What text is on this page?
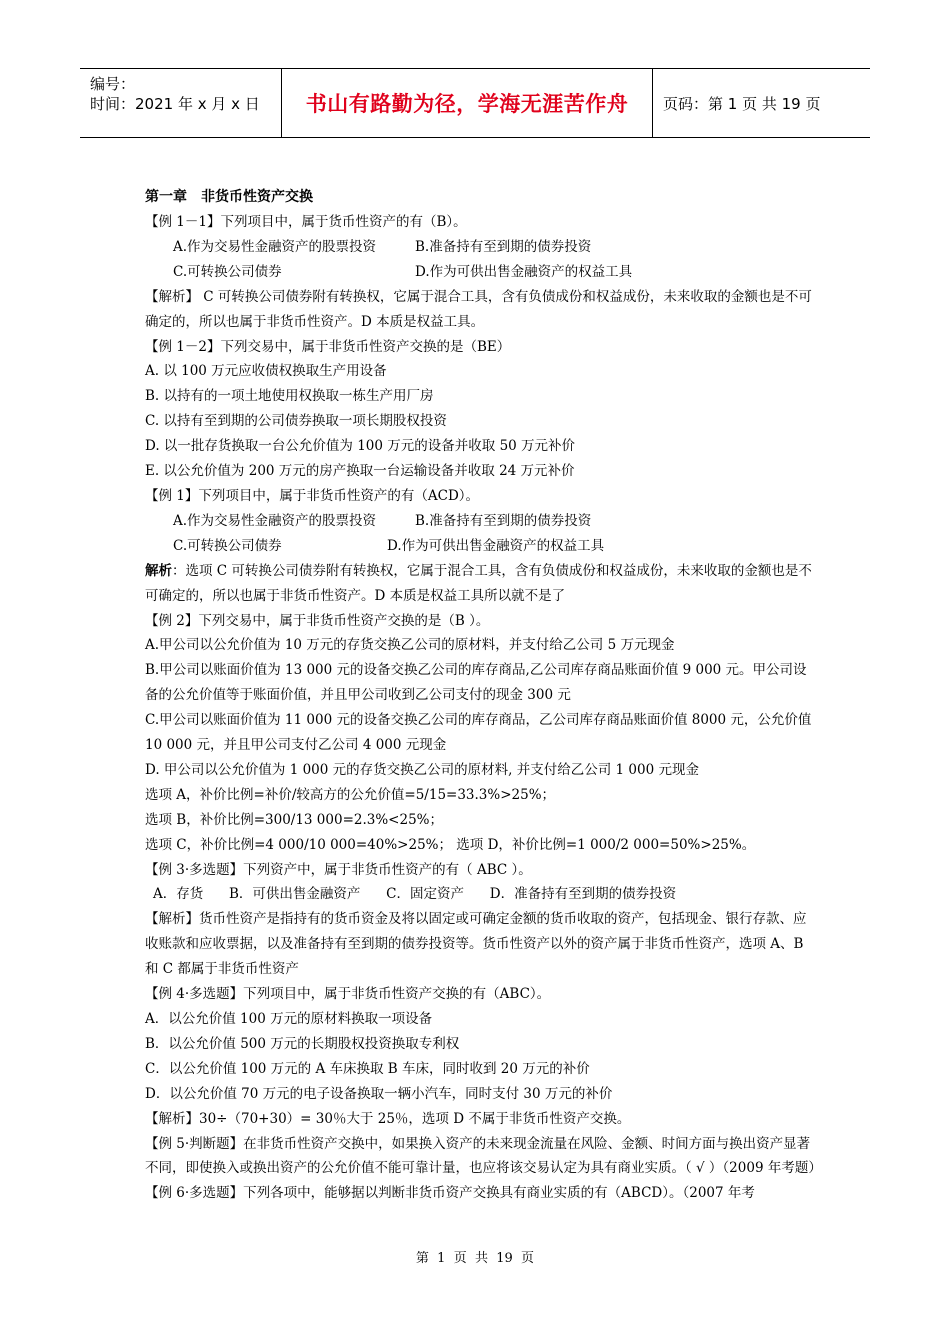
编号：
时间：2021 年 x 月 x 日 书山有路勤为径，学海无涯苦作舟	页码：第 1 页 共 19 页

第一章　非货币性资产交换

【例 1－1】下列项目中，属于货币性资产的有（B）。

A.作为交易性金融资产的股票投资	B.准备持有至到期的债券投资

C.可转换公司债券	D.作为可供出售金融资产的权益工具

【解析】 C 可转换公司债券附有转换权，它属于混合工具，含有负债成份和权益成份，未来收取的金额也是不可确定的，所以也属于非货币性资产。D 本质是权益工具。

【例 1－2】下列交易中，属于非货币性资产交换的是（BE）

A. 以 100 万元应收债权换取生产用设备

B. 以持有的一项土地使用权换取一栋生产用厂房

C. 以持有至到期的公司债券换取一项长期股权投资

D. 以一批存货换取一台公允价值为 100 万元的设备并收取 50 万元补价

E. 以公允价值为 200 万元的房产换取一台运输设备并收取 24 万元补价

【例 1】下列项目中，属于非货币性资产的有（ACD）。

A.作为交易性金融资产的股票投资	B.准备持有至到期的债券投资

C.可转换公司债券	D.作为可供出售金融资产的权益工具

解析：选项 C 可转换公司债券附有转换权，它属于混合工具，含有负债成份和权益成份，未来收取的金额也是不可确定的，所以也属于非货币性资产。D 本质是权益工具所以就不是了

【例 2】下列交易中，属于非货币性资产交换的是（B ）。

A.甲公司以公允价值为 10 万元的存货交换乙公司的原材料，并支付给乙公司 5 万元现金

B.甲公司以账面价值为 13 000 元的设备交换乙公司的库存商品,乙公司库存商品账面价值 9 000 元。甲公司设备的公允价值等于账面价值，并且甲公司收到乙公司支付的现金 300 元

C.甲公司以账面价值为 11 000 元的设备交换乙公司的库存商品，乙公司库存商品账面价值 8000 元，公允价值 10 000 元，并且甲公司支付乙公司 4 000 元现金

D. 甲公司以公允价值为 1 000 元的存货交换乙公司的原材料, 并支付给乙公司 1 000 元现金

选项 A，补价比例=补价/较高方的公允价值=5/15=33.3%>25%；

选项 B，补价比例=300/13 000=2.3%<25%；

选项 C，补价比例=4 000/10 000=40%>25%； 选项 D，补价比例=1 000/2 000=50%>25%。

【例 3·多选题】下列资产中，属于非货币性资产的有（ ABC ）。

A．存货      B．可供出售金融资产      C．固定资产      D．准备持有至到期的债券投资

【解析】货币性资产是指持有的货币资金及将以固定或可确定金额的货币收取的资产，包括现金、银行存款、应收账款和应收票据，以及准备持有至到期的债券投资等。货币性资产以外的资产属于非货币性资产，选项 A、B 和 C 都属于非货币性资产

【例 4·多选题】下列项目中，属于非货币性资产交换的有（ABC）。

A．以公允价值 100 万元的原材料换取一项设备

B．以公允价值 500 万元的长期股权投资换取专利权

C．以公允价值 100 万元的 A 车床换取 B 车床，同时收到 20 万元的补价

D．以公允价值 70 万元的电子设备换取一辆小汽车，同时支付 30 万元的补价

【解析】30÷（70+30）= 30％大于 25％，选项 D 不属于非货币性资产交换。

【例 5·判断题】在非货币性资产交换中，如果换入资产的未来现金流量在风险、金额、时间方面与换出资产显著不同，即使换入或换出资产的公允价值不能可靠计量，也应将该交易认定为具有商业实质。（ √ ）（2009 年考题）

【例 6·多选题】下列各项中，能够据以判断非货币资产交换具有商业实质的有（ABCD）。（2007 年考

第  1  页  共  19  页
